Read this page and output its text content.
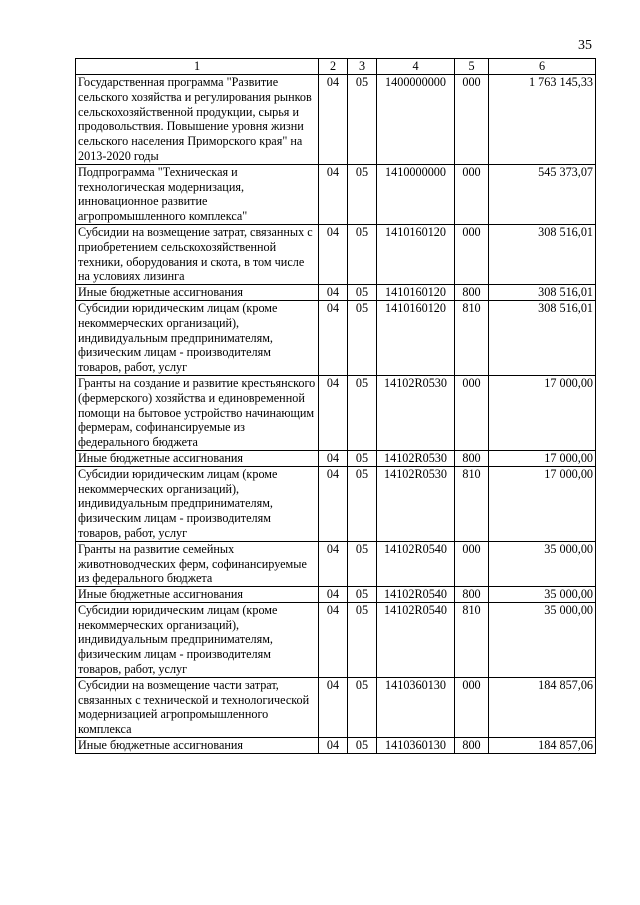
35
1	2	3	4	5	6
Государственная программа "Развитие сельского хозяйства и регулирования рынков сельскохозяйственной продукции, сырья и продовольствия. Повышение уровня жизни сельского населения Приморского края" на 2013-2020 годы	04	05	1400000000	000	1 763 145,33
Подпрограмма "Техническая и технологическая модернизация, инновационное развитие агропромышленного комплекса"	04	05	1410000000	000	545 373,07
Субсидии на возмещение затрат, связанных с приобретением сельскохозяйственной техники, оборудования и скота, в том числе на условиях лизинга	04	05	1410160120	000	308 516,01
Иные бюджетные ассигнования	04	05	1410160120	800	308 516,01
Субсидии юридическим лицам (кроме некоммерческих организаций), индивидуальным предпринимателям, физическим лицам - производителям товаров, работ, услуг	04	05	1410160120	810	308 516,01
Гранты на создание и развитие крестьянского (фермерского) хозяйства и единовременной помощи на бытовое устройство начинающим фермерам, софинансируемые из федерального бюджета	04	05	14102R0530	000	17 000,00
Иные бюджетные ассигнования	04	05	14102R0530	800	17 000,00
Субсидии юридическим лицам (кроме некоммерческих организаций), индивидуальным предпринимателям, физическим лицам - производителям товаров, работ, услуг	04	05	14102R0530	810	17 000,00
Гранты на развитие семейных животноводческих ферм, софинансируемые из федерального бюджета	04	05	14102R0540	000	35 000,00
Иные бюджетные ассигнования	04	05	14102R0540	800	35 000,00
Субсидии юридическим лицам (кроме некоммерческих организаций), индивидуальным предпринимателям, физическим лицам - производителям товаров, работ, услуг	04	05	14102R0540	810	35 000,00
Субсидии на возмещение части затрат, связанных с технической и технологической модернизацией агропромышленного комплекса	04	05	1410360130	000	184 857,06
Иные бюджетные ассигнования	04	05	1410360130	800	184 857,06
